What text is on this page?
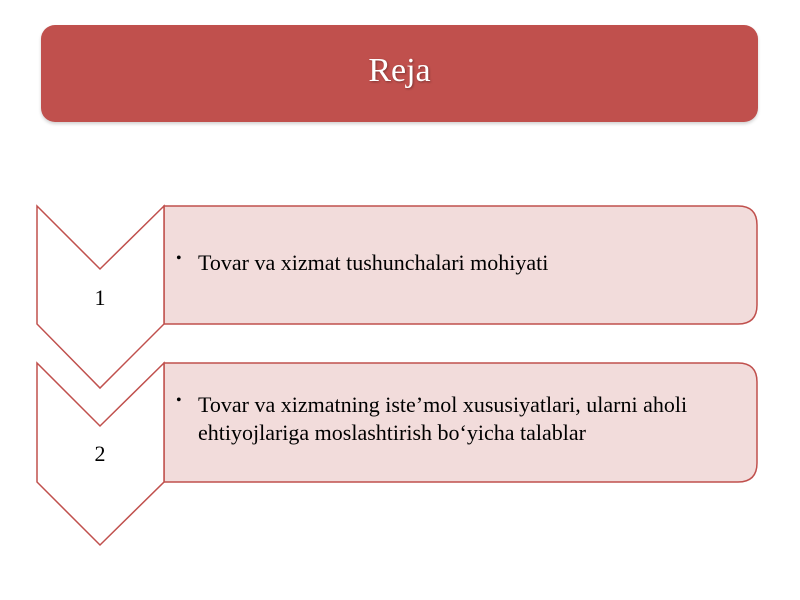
Reja
1
2
• Tovar va xizmat tushunchalari mohiyati
• Tovar va xizmatning iste’mol xususiyatlari, ularni aholi ehtiyojlariga moslashtirish bo‘yicha talablar
